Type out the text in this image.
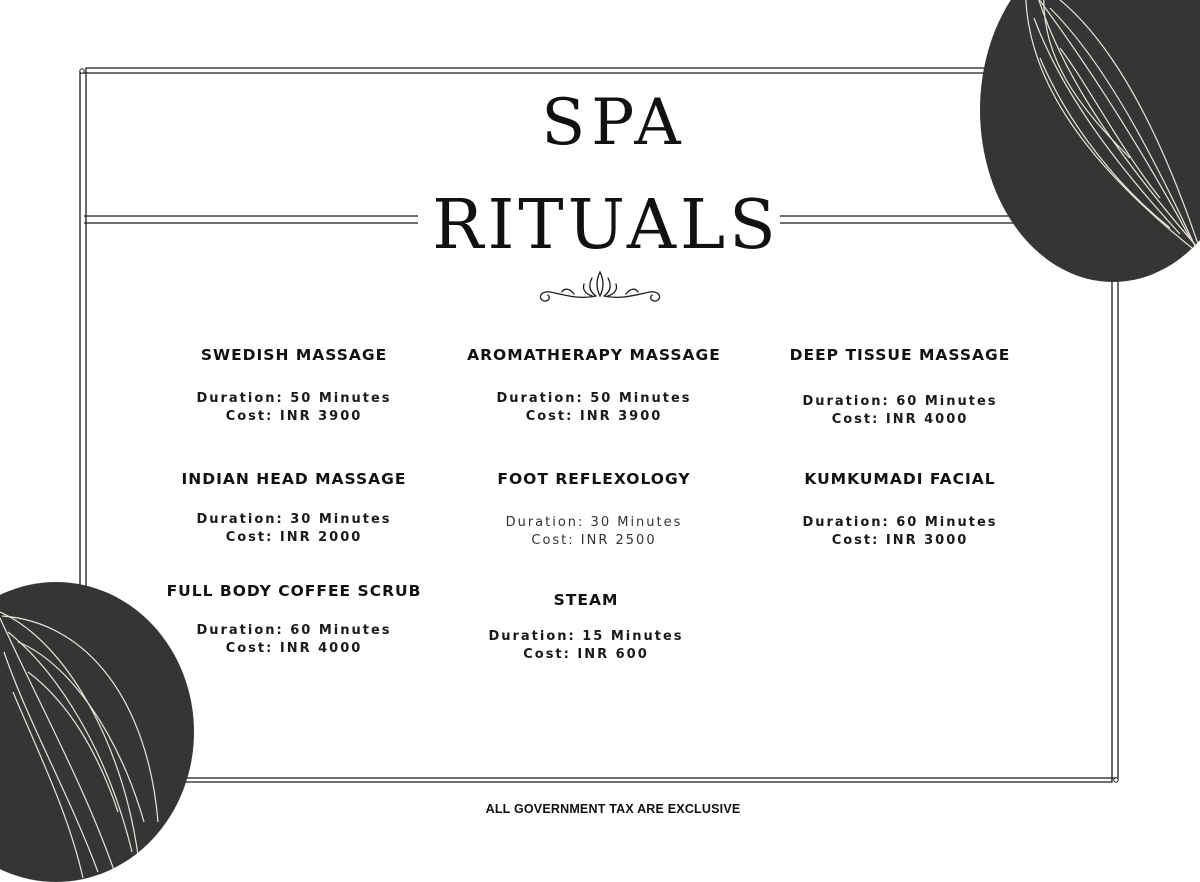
SPA
RITUALS

SWEDISH MASSAGE

Duration: 50 Minutes
Cost: INR 3900

AROMATHERAPY MASSAGE

Duration: 50 Minutes
Cost: INR 3900

DEEP TISSUE MASSAGE

Duration: 60 Minutes
Cost: INR 4000

INDIAN HEAD MASSAGE

Duration: 30 Minutes
Cost: INR 2000

FOOT REFLEXOLOGY

Duration: 30 Minutes
Cost: INR 2500

KUMKUMADI FACIAL

Duration: 60 Minutes
Cost: INR 3000

FULL BODY COFFEE SCRUB

Duration: 60 Minutes
Cost: INR 4000

STEAM

Duration: 15 Minutes
Cost: INR 600
ALL GOVERNMENT TAX ARE EXCLUSIVE
